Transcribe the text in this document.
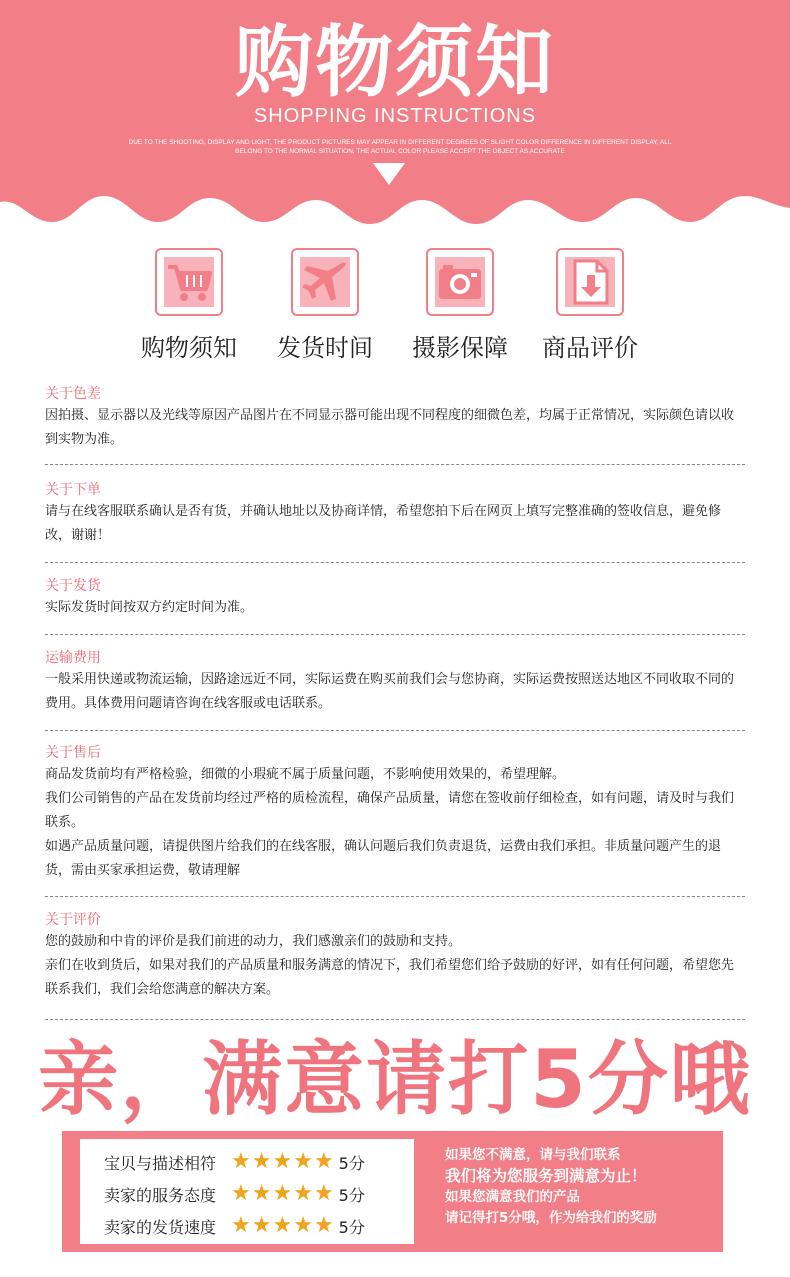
购物须知
SHOPPING INSTRUCTIONS
DUE TO THE SHOOTING, DISPLAY AND LIGHT, THE PRODUCT PICTURES MAY APPEAR IN DIFFERENT DEGREES OF SLIGHT COLOR DIFFERENCE IN DIFFERENT DISPLAY, ALL
BELONG TO THE NORMAL SITUATION, THE ACTUAL COLOR PLEASE ACCEPT THE OBJECT AS ACCURATE
购物须知	发货时间	摄影保障	商品评价
关于色差

因拍摄、显示器以及光线等原因产品图片在不同显示器可能出现不同程度的细微色差，均属于正常情况，实际颜色请以收到实物为准。

关于下单

请与在线客服联系确认是否有货，并确认地址以及协商详情，希望您拍下后在网页上填写完整准确的签收信息，避免修改，谢谢！

关于发货

实际发货时间按双方约定时间为准。

运输费用

一般采用快递或物流运输，因路途远近不同，实际运费在购买前我们会与您协商，实际运费按照送达地区不同收取不同的费用。具体费用问题请咨询在线客服或电话联系。

关于售后

商品发货前均有严格检验，细微的小瑕疵不属于质量问题，不影响使用效果的，希望理解。

我们公司销售的产品在发货前均经过严格的质检流程，确保产品质量，请您在签收前仔细检查，如有问题，请及时与我们联系。

如遇产品质量问题，请提供图片给我们的在线客服，确认问题后我们负责退货，运费由我们承担。非质量问题产生的退货，需由买家承担运费，敬请理解

关于评价

您的鼓励和中肯的评价是我们前进的动力，我们感激亲们的鼓励和支持。

亲们在收到货后，如果对我们的产品质量和服务满意的情况下，我们希望您们给予鼓励的好评，如有任何问题，希望您先联系我们，我们会给您满意的解决方案。

亲，满意请打5分哦
宝贝与描述相符 ★ ★ ★ ★ ★ 5分
卖家的服务态度 ★ ★ ★ ★ ★ 5分
卖家的发货速度 ★ ★ ★ ★ ★ 5分
如果您不满意，请与我们联系
我们将为您服务到满意为止！
如果您满意我们的产品
请记得打5分哦，作为给我们的奖励
